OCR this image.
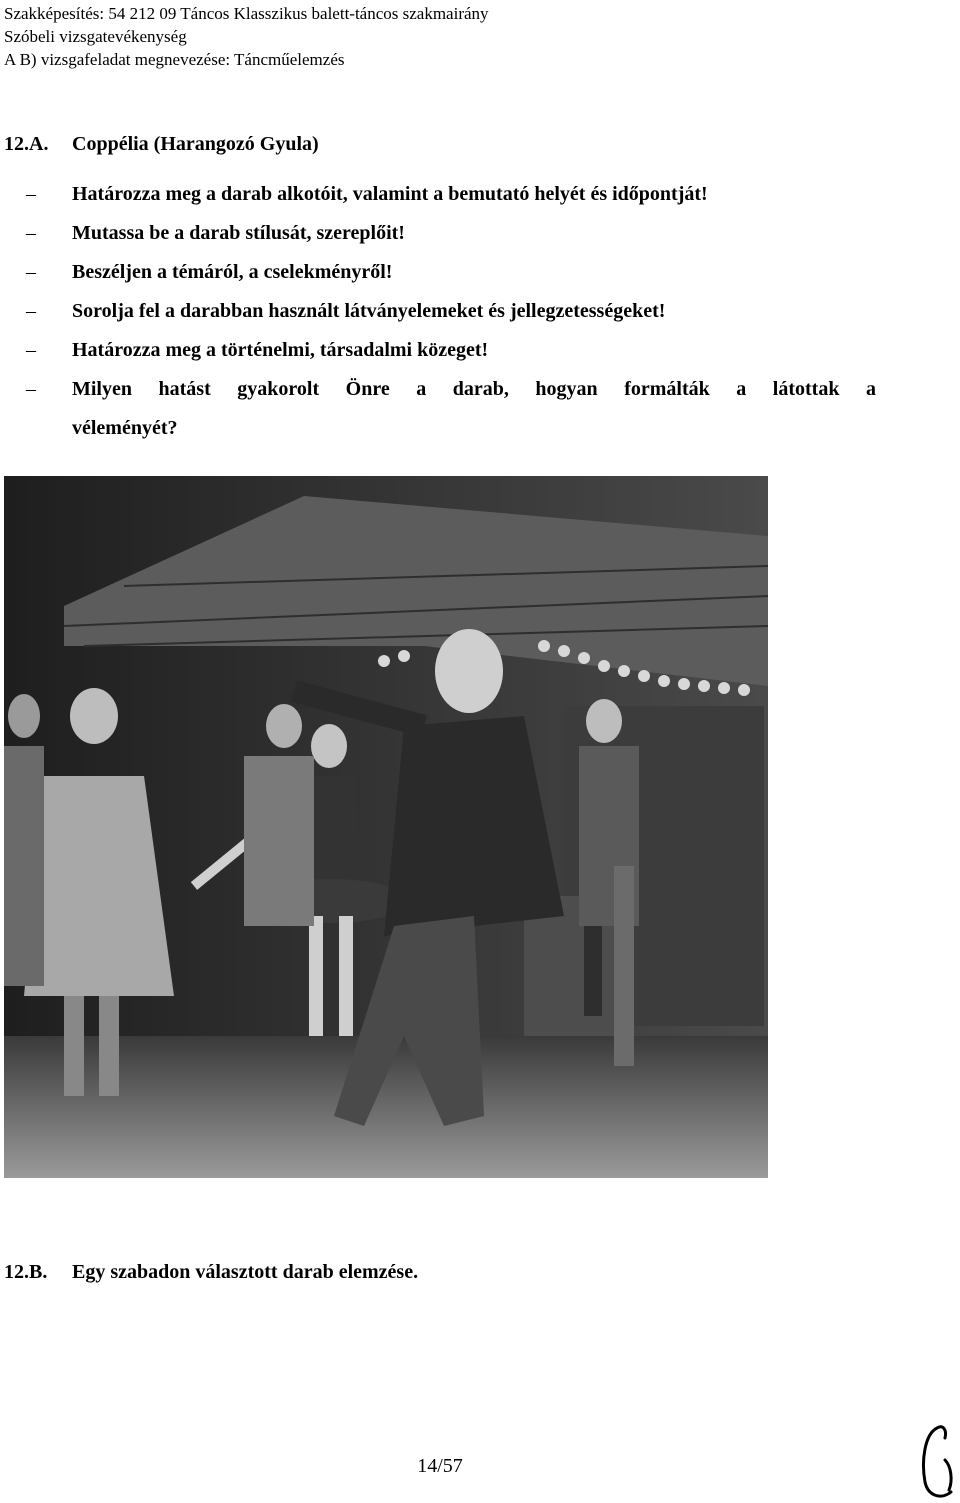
Szakképesítés: 54 212 09 Táncos Klasszikus balett-táncos szakmairány
Szóbeli vizsgatevékenység
A B) vizsgafeladat megnevezése: Táncműelemzés
12.A. Coppélia (Harangozó Gyula)
– Határozza meg a darab alkotóit, valamint a bemutató helyét és időpontját!
– Mutassa be a darab stílusát, szereplőit!
– Beszéljen a témáról, a cselekményről!
– Sorolja fel a darabban használt látványelemeket és jellegzetességeket!
– Határozza meg a történelmi, társadalmi közeget!
– Milyen hatást gyakorolt Önre a darab, hogyan formálták a látottak a
véleményét?
12.B. Egy szabadon választott darab elemzése.
14/57
